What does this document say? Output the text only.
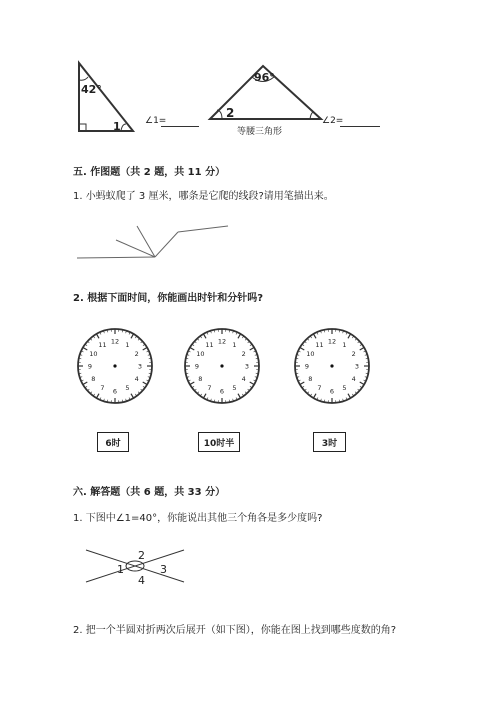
42°
1
96°
2
等腰三角形
∠1=	∠2=
五. 作图题（共 2 题，共 11 分）
1. 小蚂蚁爬了 3 厘米，哪条是它爬的线段?请用笔描出来。
2. 根据下面时间，你能画出时针和分针吗?
12 1
2
3
4
5
6
7
8
9
10
11	12 1
2
3
4
5
6
7
8
9
10
11	12 1
2
3
4
5
6
7
8
9
10
11
6时	10时半	3时
六. 解答题（共 6 题，共 33 分）
1. 下图中∠1=40°，你能说出其他三个角各是多少度吗?
1
2
3
4
2. 把一个半圆对折两次后展开（如下图），你能在图上找到哪些度数的角?
